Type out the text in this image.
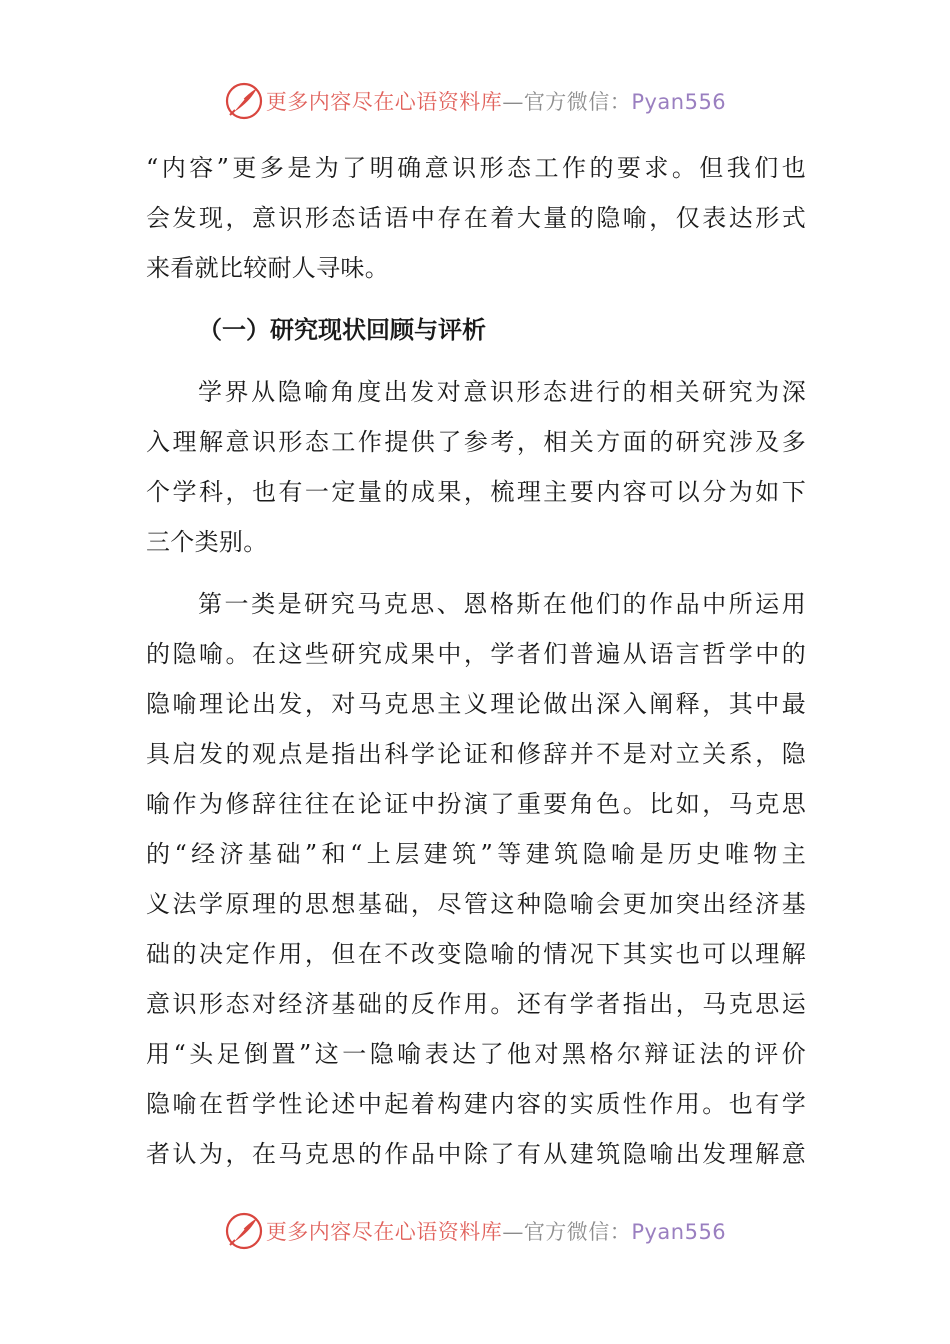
更多内容尽在心语资料库—官方微信：Pyan556
“内容”更多是为了明确意识形态工作的要求。但我们也
会发现，意识形态话语中存在着大量的隐喻，仅表达形式
来看就比较耐人寻味。
（一）研究现状回顾与评析
学界从隐喻角度出发对意识形态进行的相关研究为深
入理解意识形态工作提供了参考，相关方面的研究涉及多
个学科，也有一定量的成果，梳理主要内容可以分为如下
三个类别。
第一类是研究马克思、恩格斯在他们的作品中所运用
的隐喻。在这些研究成果中，学者们普遍从语言哲学中的
隐喻理论出发，对马克思主义理论做出深入阐释，其中最
具启发的观点是指出科学论证和修辞并不是对立关系，隐
喻作为修辞往往在论证中扮演了重要角色。比如，马克思
的“经济基础”和“上层建筑”等建筑隐喻是历史唯物主
义法学原理的思想基础，尽管这种隐喻会更加突出经济基
础的决定作用，但在不改变隐喻的情况下其实也可以理解
意识形态对经济基础的反作用。还有学者指出，马克思运
用“头足倒置”这一隐喻表达了他对黑格尔辩证法的评价
隐喻在哲学性论述中起着构建内容的实质性作用。也有学
者认为，在马克思的作品中除了有从建筑隐喻出发理解意
更多内容尽在心语资料库—官方微信：Pyan556
